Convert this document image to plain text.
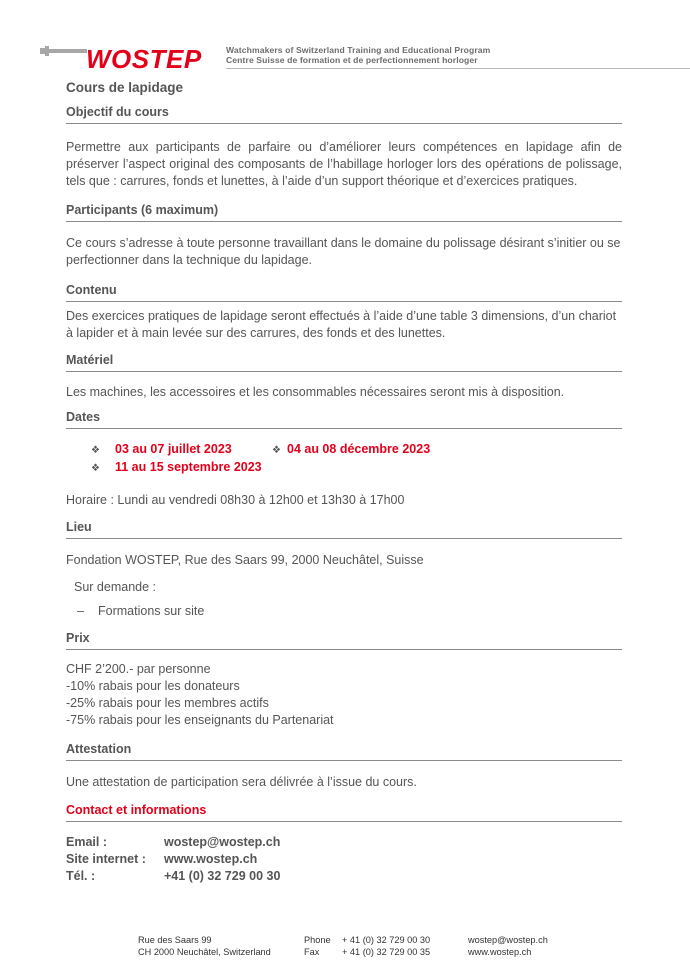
WOSTEP	Watchmakers of Switzerland Training and Educational Program
Centre Suisse de formation et de perfectionnement horloger
Cours de lapidage
Objectif du cours
Permettre aux participants de parfaire ou d’améliorer leurs compétences en lapidage afin de préserver l’aspect original des composants de l’habillage horloger lors des opérations de polissage, tels que : carrures, fonds et lunettes, à l’aide d’un support théorique et d’exercices pratiques.
Participants (6 maximum)
Ce cours s’adresse à toute personne travaillant dans le domaine du polissage désirant s’initier ou se perfectionner dans la technique du lapidage.
Contenu
Des exercices pratiques de lapidage seront effectués à l’aide d’une table 3 dimensions, d’un chariot à lapider et à main levée sur des carrures, des fonds et des lunettes.
Matériel
Les machines, les accessoires et les consommables nécessaires seront mis à disposition.
Dates
❖ 03 au 07 juillet 2023	❖ 04 au 08 décembre 2023
❖ 11 au 15 septembre 2023
Horaire : Lundi au vendredi 08h30 à 12h00 et 13h30 à 17h00
Lieu
Fondation WOSTEP, Rue des Saars 99, 2000 Neuchâtel, Suisse
Sur demande :
– Formations sur site
Prix
CHF 2’200.- par personne
-10% rabais pour les donateurs
-25% rabais pour les membres actifs
-75% rabais pour les enseignants du Partenariat
Attestation
Une attestation de participation sera délivrée à l’issue du cours.
Contact et informations
Email :	wostep@wostep.ch
Site internet : www.wostep.ch
Tél. :	+41 (0) 32 729 00 30
Rue des Saars 99
CH 2000 Neuchâtel, Switzerland
Phone
Fax
+ 41 (0) 32 729 00 30
+ 41 (0) 32 729 00 35
wostep@wostep.ch
www.wostep.ch
